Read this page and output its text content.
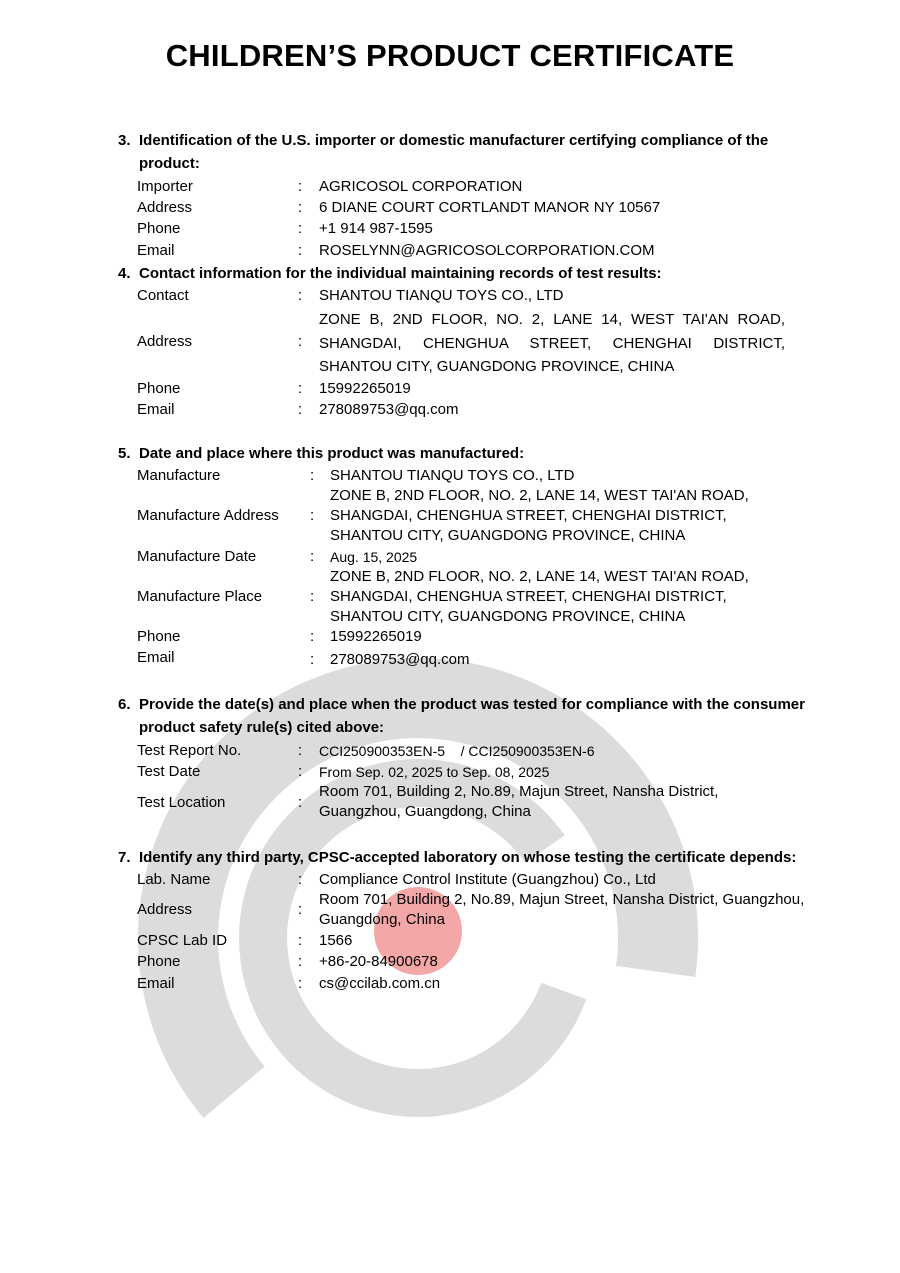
CHILDREN’S PRODUCT CERTIFICATE
3. Identification of the U.S. importer or domestic manufacturer certifying compliance of the
product:
Importer	: AGRICOSOL CORPORATION
Address	: 6 DIANE COURT CORTLANDT MANOR NY 10567
Phone	: +1 914 987-1595
Email	: ROSELYNN@AGRICOSOLCORPORATION.COM
4. Contact information for the individual maintaining records of test results:
Contact	: SHANTOU TIANQU TOYS CO., LTD
Address	:
ZONE B, 2ND FLOOR, NO. 2, LANE 14, WEST TAI'AN ROAD,
SHANGDAI, CHENGHUA STREET, CHENGHAI DISTRICT,
SHANTOU CITY, GUANGDONG PROVINCE, CHINA
Phone	: 15992265019
Email	: 278089753@qq.com
5. Date and place where this product was manufactured:
Manufacture	: SHANTOU TIANQU TOYS CO., LTD
Manufacture Address :
ZONE B, 2ND FLOOR, NO. 2, LANE 14, WEST TAI'AN ROAD,
SHANGDAI, CHENGHUA STREET, CHENGHAI DISTRICT,
SHANTOU CITY, GUANGDONG PROVINCE, CHINA
Manufacture Date	: Aug. 15, 2025
Manufacture Place	:
ZONE B, 2ND FLOOR, NO. 2, LANE 14, WEST TAI'AN ROAD,
SHANGDAI, CHENGHUA STREET, CHENGHAI DISTRICT,
SHANTOU CITY, GUANGDONG PROVINCE, CHINA
Phone	: 15992265019
Email	: 278089753@qq.com
6. Provide the date(s) and place when the product was tested for compliance with the consumer
product safety rule(s) cited above:
Test Report No.	: CCI250900353EN-5    / CCI250900353EN-6
Test Date	: From Sep. 02, 2025 to Sep. 08, 2025
Test Location	:
Room 701, Building 2, No.89, Majun Street, Nansha District,
Guangzhou, Guangdong, China
7. Identify any third party, CPSC-accepted laboratory on whose testing the certificate depends:
Lab. Name	: Compliance Control Institute (Guangzhou) Co., Ltd
Address	:
Room 701, Building 2, No.89, Majun Street, Nansha District, Guangzhou,
Guangdong, China
CPSC Lab ID	: 1566
Phone	: +86-20-84900678
Email	: cs@ccilab.com.cn
